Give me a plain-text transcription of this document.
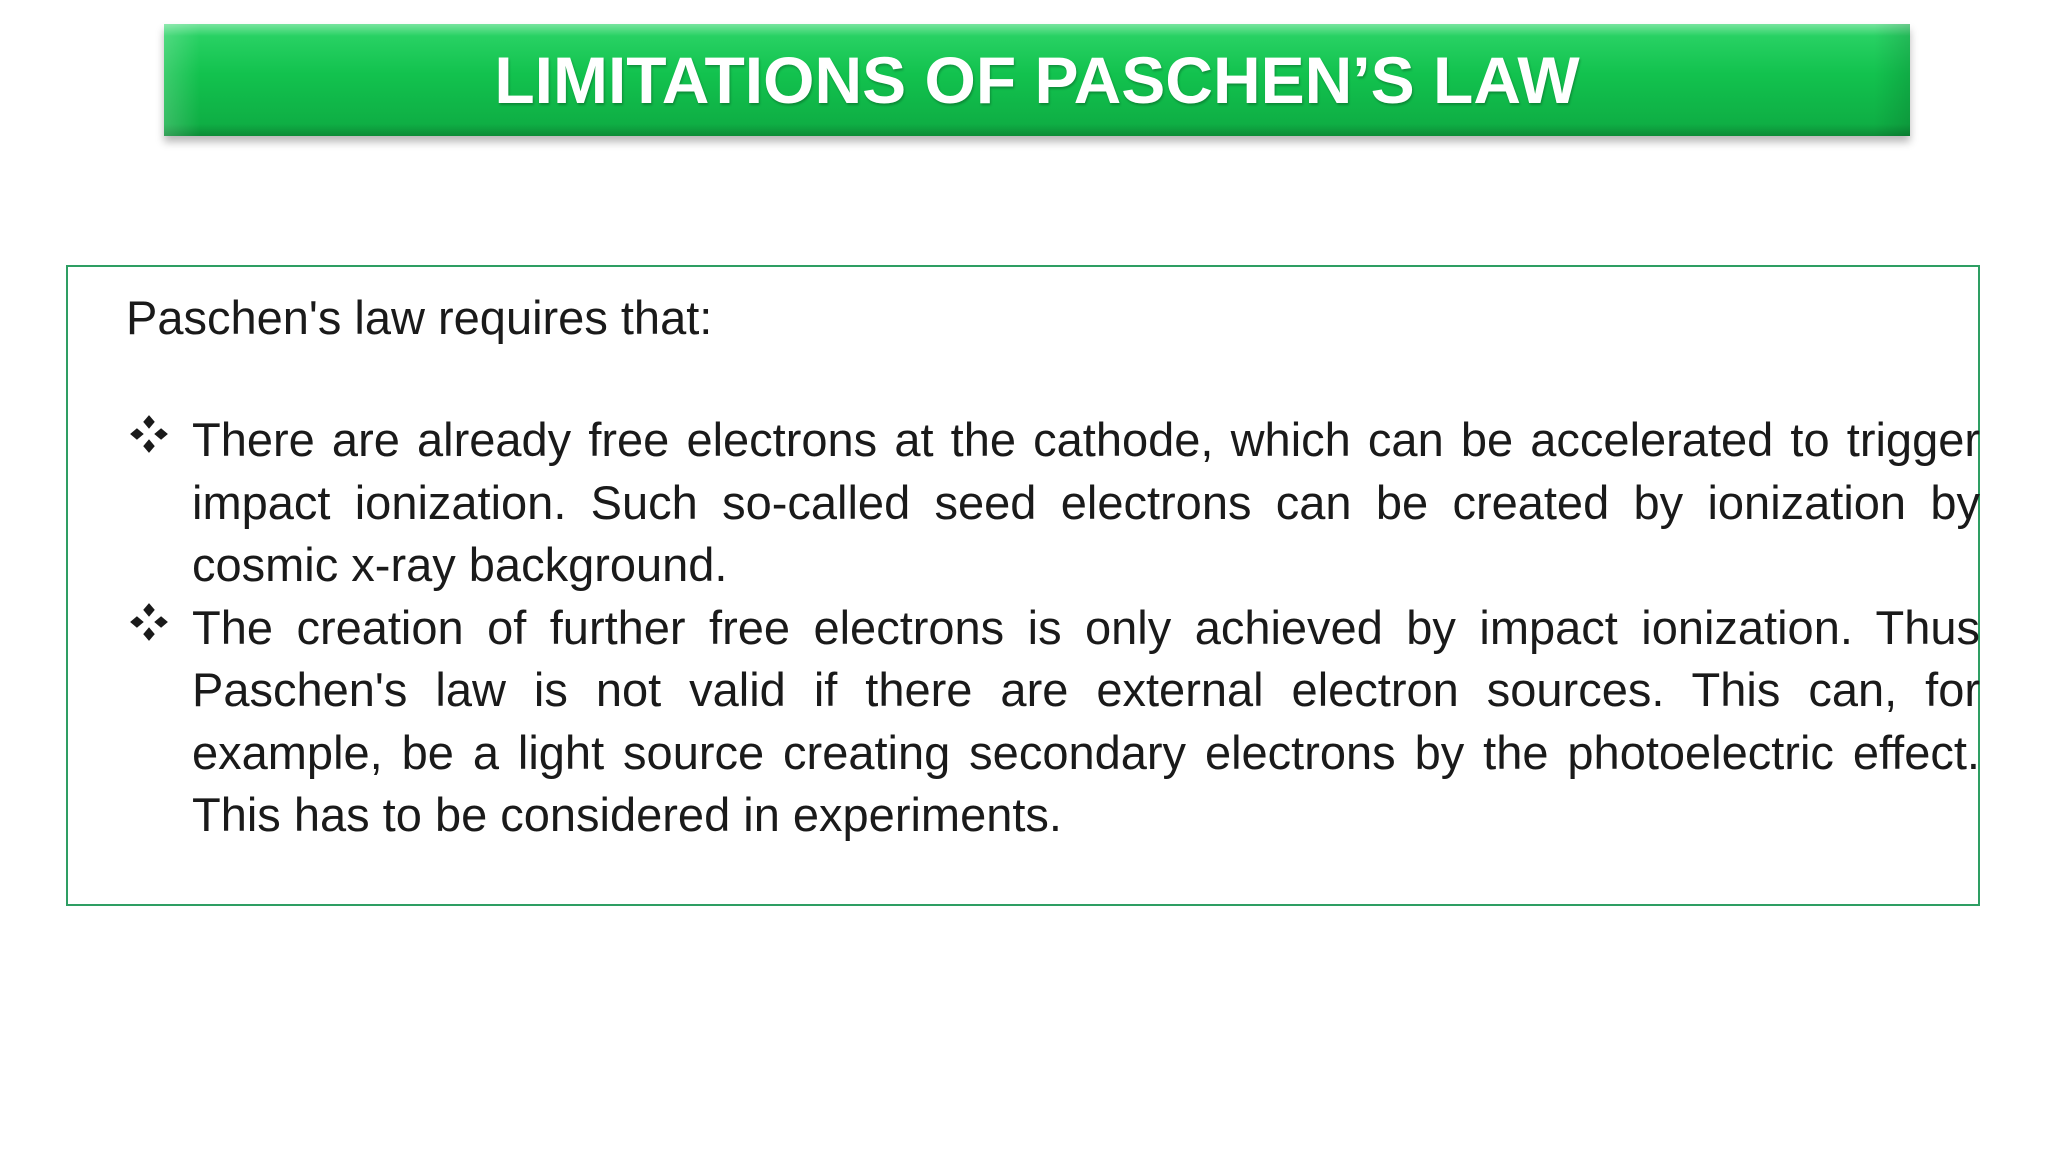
LIMITATIONS OF PASCHEN’S LAW
Paschen's law requires that:
There are already free electrons at the cathode, which can be accelerated to trigger impact ionization. Such so-called seed electrons can be created by ionization by cosmic x-ray background.
The creation of further free electrons is only achieved by impact ionization. Thus Paschen's law is not valid if there are external electron sources. This can, for example, be a light source creating secondary electrons by the photoelectric effect. This has to be considered in experiments.
